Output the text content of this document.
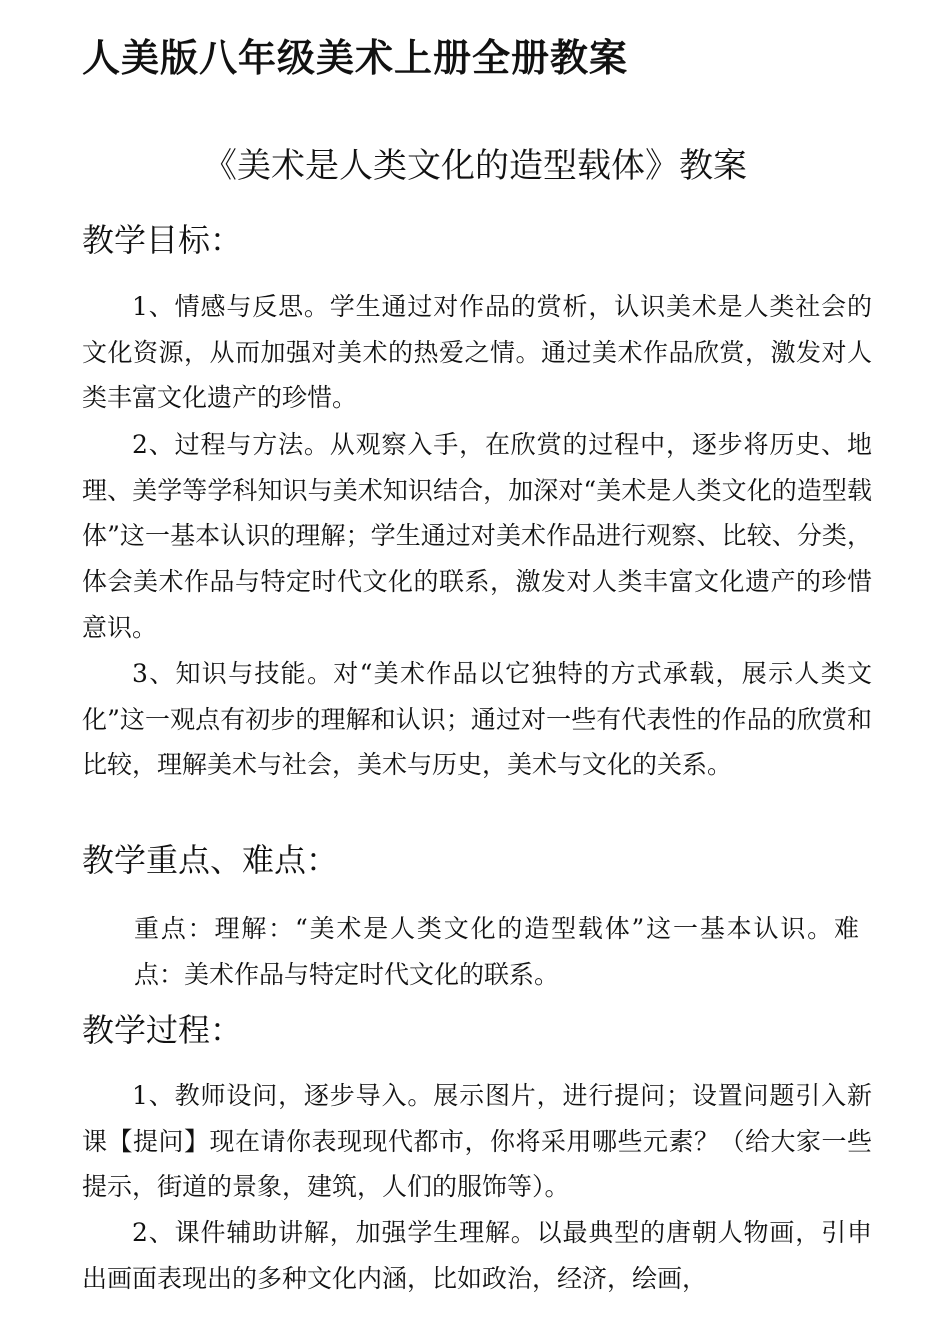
人美版八年级美术上册全册教案
《美术是人类文化的造型载体》教案
教学目标：

1、情感与反思。学生通过对作品的赏析，认识美术是人类社会的文化资源，从而加强对美术的热爱之情。通过美术作品欣赏，激发对人类丰富文化遗产的珍惜。

2、过程与方法。从观察入手，在欣赏的过程中，逐步将历史、地理、美学等学科知识与美术知识结合，加深对“美术是人类文化的造型载体”这一基本认识的理解；学生通过对美术作品进行观察、比较、分类，体会美术作品与特定时代文化的联系，激发对人类丰富文化遗产的珍惜意识。

3、知识与技能。对“美术作品以它独特的方式承载，展示人类文化”这一观点有初步的理解和认识；通过对一些有代表性的作品的欣赏和比较，理解美术与社会，美术与历史，美术与文化的关系。

教学重点、难点：

重点：理解：“美术是人类文化的造型载体”这一基本认识。难点：美术作品与特定时代文化的联系。

教学过程：

1、教师设问，逐步导入。展示图片，进行提问；设置问题引入新课【提问】现在请你表现现代都市，你将采用哪些元素？（给大家一些提示，街道的景象，建筑，人们的服饰等）。

2、课件辅助讲解，加强学生理解。以最典型的唐朝人物画，引申出画面表现出的多种文化内涵，比如政治，经济，绘画，
